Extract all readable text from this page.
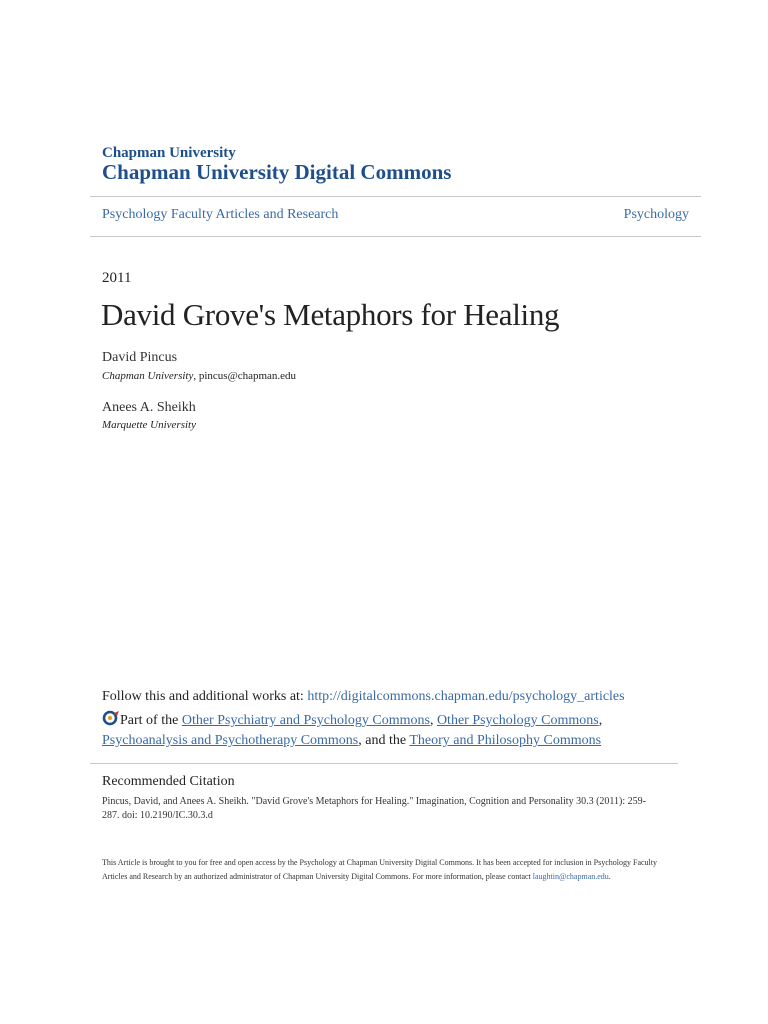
Chapman University
Chapman University Digital Commons
Psychology Faculty Articles and Research	Psychology
2011
David Grove's Metaphors for Healing
David Pincus
Chapman University, pincus@chapman.edu
Anees A. Sheikh
Marquette University
Follow this and additional works at: http://digitalcommons.chapman.edu/psychology_articles
Part of the Other Psychiatry and Psychology Commons, Other Psychology Commons,
Psychoanalysis and Psychotherapy Commons, and the Theory and Philosophy Commons
Recommended Citation
Pincus, David, and Anees A. Sheikh. "David Grove's Metaphors for Healing." Imagination, Cognition and Personality 30.3 (2011): 259-287. doi: 10.2190/IC.30.3.d
This Article is brought to you for free and open access by the Psychology at Chapman University Digital Commons. It has been accepted for inclusion in Psychology Faculty Articles and Research by an authorized administrator of Chapman University Digital Commons. For more information, please contact laughtin@chapman.edu.
